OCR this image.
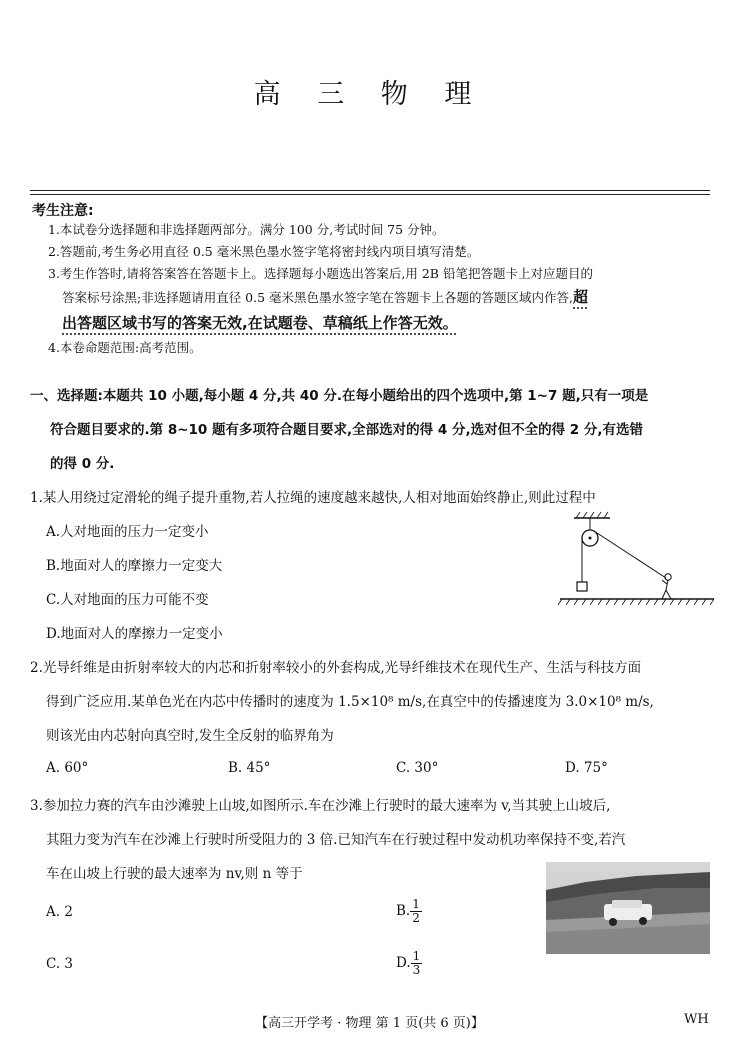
高 三 物 理
考生注意:
1.本试卷分选择题和非选择题两部分。满分 100 分,考试时间 75 分钟。
2.答题前,考生务必用直径 0.5 毫米黑色墨水签字笔将密封线内项目填写清楚。
3.考生作答时,请将答案答在答题卡上。选择题每小题选出答案后,用 2B 铅笔把答题卡上对应题目的
答案标号涂黑;非选择题请用直径 0.5 毫米黑色墨水签字笔在答题卡上各题的答题区域内作答,超
出答题区域书写的答案无效,在试题卷、草稿纸上作答无效。
4.本卷命题范围:高考范围。
一、选择题:本题共 10 小题,每小题 4 分,共 40 分.在每小题给出的四个选项中,第 1~7 题,只有一项是
符合题目要求的.第 8~10 题有多项符合题目要求,全部选对的得 4 分,选对但不全的得 2 分,有选错
的得 0 分.
1.某人用绕过定滑轮的绳子提升重物,若人拉绳的速度越来越快,人相对地面始终静止,则此过程中
A.人对地面的压力一定变小
B.地面对人的摩擦力一定变大
C.人对地面的压力可能不变
D.地面对人的摩擦力一定变小
2.光导纤维是由折射率较大的内芯和折射率较小的外套构成,光导纤维技术在现代生产、生活与科技方面
得到广泛应用.某单色光在内芯中传播时的速度为 1.5×10⁸ m/s,在真空中的传播速度为 3.0×10⁸ m/s,
则该光由内芯射向真空时,发生全反射的临界角为
A. 60°	B. 45°	C. 30°	D. 75°
3.参加拉力赛的汽车由沙滩驶上山坡,如图所示.车在沙滩上行驶时的最大速率为 v,当其驶上山坡后,
其阻力变为汽车在沙滩上行驶时所受阻力的 3 倍.已知汽车在行驶过程中发动机功率保持不变,若汽
车在山坡上行驶的最大速率为 nv,则 n 等于
A. 2	B. $\frac{1}{2}$
C. 3	D. $\frac{1}{3}$
【高三开学考 · 物理 第 1 页(共 6 页)】	WH
